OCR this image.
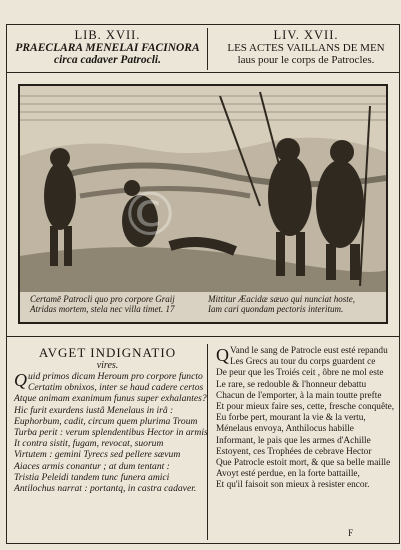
LIB. XVII.
PRAECLARA MENELAI FACINORA
circa cadaver Patrocli.
LIV. XVII.
LES ACTES VAILLANS DE MEN
laus pour le corps de Patrocles.
Certamē Patrocli quo pro corpore Graij
Atridas mortem, stela nec villa timet. 17
Mittitur Æacidæ sæuo qui nunciat hoste,
Iam cari quondam pectoris interitum.
AVGET INDIGNATIO
vires.
Q uid primos dicam Heroum pro corpore functo
Certatim obnixos, inter se haud cadere certos
Atque animam exanimum funus super exhalantes?
Hic furit exurdens iustâ Menelaus in irâ :
Euphorbum, cadit, circum quem plurima Troum
Turba perit : verum splendentibus Hector in armis
It contra sistit, fugam, revocat, suorum
Virtutem : gemini Tyrecs sed pellere sævum
Aiaces armis conantur ; at dum tentant :
Tristia Peleidi tandem tunc funera amici
Antilochus narrat : portantq, in castra cadaver.
Q Vand le sang de Patrocle eust esté repandu
Les Grecs au tour du corps guardent ce
De peur que les Troiés ceit , ôbre ne mol este
Le rare, se redouble & l'honneur debattu
Chacun de l'emporter, à la main toutte prefte
Et pour mieux faire ses, cette, fresche conquête,
Eu forbe pert, mourant la vie & la vertu,
Ménelaus envoya, Anthilocus habille
Informant, le pais que les armes d'Achille
Estoyent, ces Trophées de cebrave Hector
Que Patrocle estoit mort, & que sa belle maille
Avoyt esté perdue, en la forte battaille,
Et qu'il faisoit son mieux à resister encor.
F
©
